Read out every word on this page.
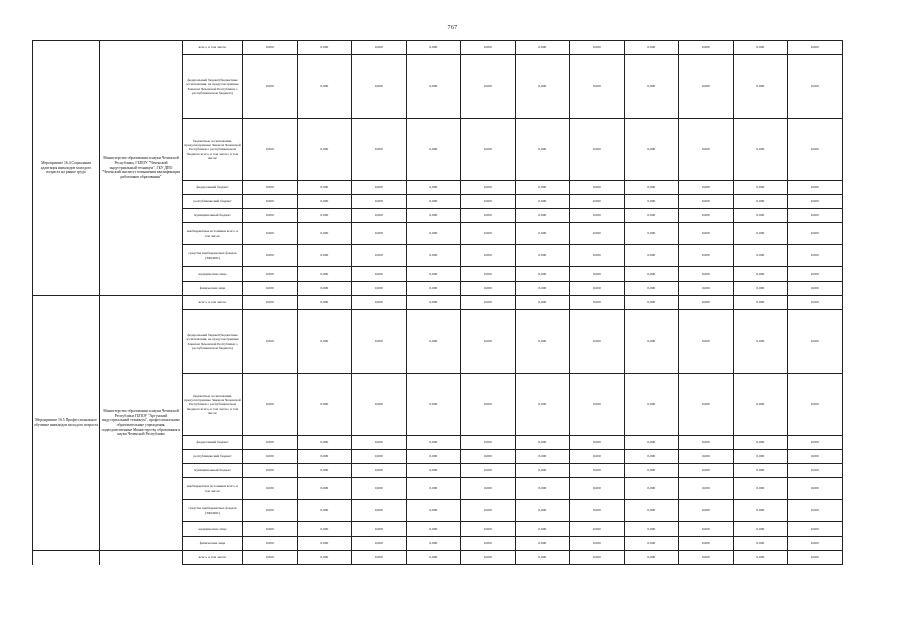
767
Мероприятие 16.4 Социальная адаптация инвалидов молодого возраста на рынке труда	Министерство образования и науки Чеченской Республики, ГБПОУ "Чеченский индустриальный техникум", ГБУ ДПО "Чеченский институт повышения квалификации работников образования"	всего, в том числе:	0,000	0,000	0,000	0,000	0,000	0,000	0,000	0,000	0,000	0,000	0,000
		федеральный бюджет(бюджетные ассигнования, не предусмотренные Законом Чеченской Республики о республиканском бюджете)	0,000	0,000	0,000	0,000	0,000	0,000	0,000	0,000	0,000	0,000	0,000
		бюджетные ассигнования, предусмотренные Законом Чеченской Республики о республиканском бюджете всего, в том числе:, в том числе:	0,000	0,000	0,000	0,000	0,000	0,000	0,000	0,000	0,000	0,000	0,000
		федеральный бюджет	0,000	0,000	0,000	0,000	0,000	0,000	0,000	0,000	0,000	0,000	0,000
		республиканский бюджет	0,000	0,000	0,000	0,000	0,000	0,000	0,000	0,000	0,000	0,000	0,000
		муниципальный бюджет	0,000	0,000	0,000	0,000	0,000	0,000	0,000	0,000	0,000	0,000	0,000
		внебюджетные источники всего, в том числе:	0,000	0,000	0,000	0,000	0,000	0,000	0,000	0,000	0,000	0,000	0,000
		средства внебюджетных фондов (ТФОМС)	0,000	0,000	0,000	0,000	0,000	0,000	0,000	0,000	0,000	0,000	0,000
		юридические лица	0,000	0,000	0,000	0,000	0,000	0,000	0,000	0,000	0,000	0,000	0,000
		физические лица	0,000	0,000	0,000	0,000	0,000	0,000	0,000	0,000	0,000	0,000	0,000
Мероприятие 16.5 Профессиональное обучение инвалидов молодого возраста	Министерство образования и науки Чеченской Республики ГБПОУ "Аргунский индустриальный техникум", профессиональные образовательные учреждения, подведомственные Министерству образования и науки Чеченской Республики	всего, в том числе:	0,000	0,000	0,000	0,000	0,000	0,000	0,000	0,000	0,000	0,000	0,000
		федеральный бюджет(бюджетные ассигнования, не предусмотренные Законом Чеченской Республики о республиканском бюджете)	0,000	0,000	0,000	0,000	0,000	0,000	0,000	0,000	0,000	0,000	0,000
		бюджетные ассигнования, предусмотренные Законом Чеченской Республики о республиканском бюджете всего, в том числе:, в том числе:	0,000	0,000	0,000	0,000	0,000	0,000	0,000	0,000	0,000	0,000	0,000
		федеральный бюджет	0,000	0,000	0,000	0,000	0,000	0,000	0,000	0,000	0,000	0,000	0,000
		республиканский бюджет	0,000	0,000	0,000	0,000	0,000	0,000	0,000	0,000	0,000	0,000	0,000
		муниципальный бюджет	0,000	0,000	0,000	0,000	0,000	0,000	0,000	0,000	0,000	0,000	0,000
		внебюджетные источники всего, в том числе:	0,000	0,000	0,000	0,000	0,000	0,000	0,000	0,000	0,000	0,000	0,000
		средства внебюджетных фондов (ТФОМС)	0,000	0,000	0,000	0,000	0,000	0,000	0,000	0,000	0,000	0,000	0,000
		юридические лица	0,000	0,000	0,000	0,000	0,000	0,000	0,000	0,000	0,000	0,000	0,000
		физические лица	0,000	0,000	0,000	0,000	0,000	0,000	0,000	0,000	0,000	0,000	0,000
		всего, в том числе:	0,000	0,000	0,000	0,000	0,000	0,000	0,000	0,000	0,000	0,000	0,000
